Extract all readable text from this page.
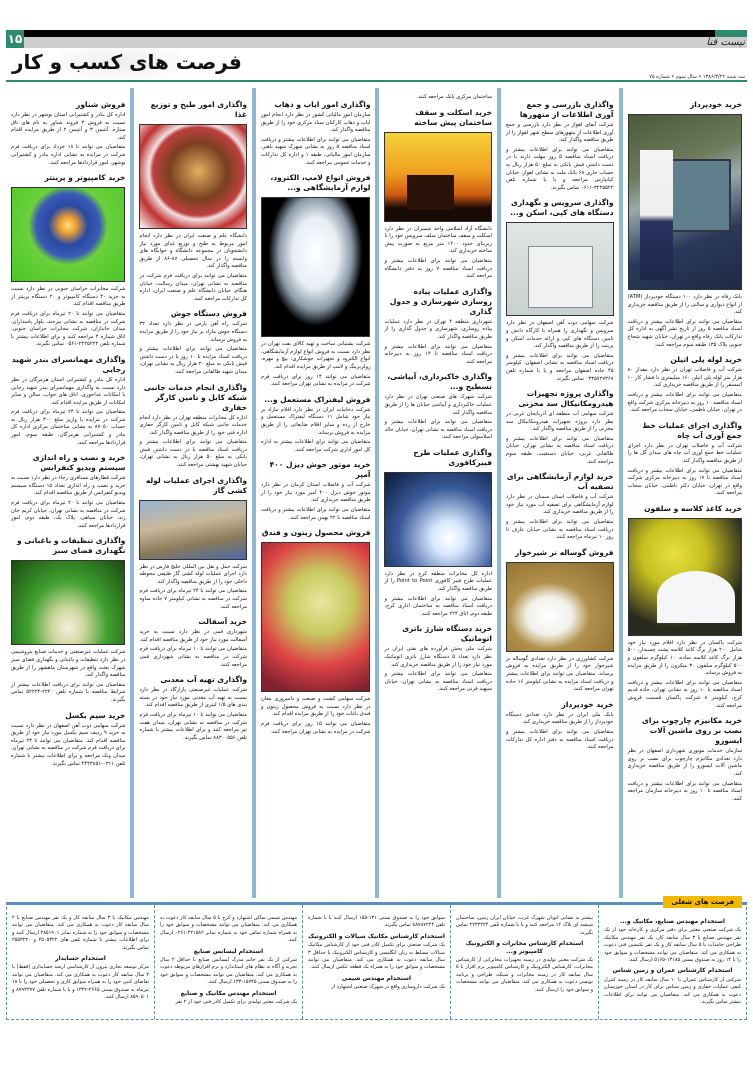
۱۵	نیست قنا
فرصت های کسب و کار
سه شنبه ۱۳۸۶/۳/۲۲ • سال سوم • شماره ۷۵
خرید خودپرداز

بانک رفاه در نظر دارد ۱۰۰ دستگاه خودپرداز (ATM) از انواع دیواری و سالنی را از طریق مناقصه خریداری کند.

متقاضیان می توانند برای اطلاعات بیشتر و دریافت اسناد مناقصه ۵ روز از تاریخ نشر آگهی به اداره کل تدارکات بانک رفاه واقع در تهران، خیابان شهید شجاع جنوبی پلاک ۱۳۵ طبقه سوم مراجعه کنند.

خرید لوله پلی اتیلن

شرکت آب و فاضلاب تهران در نظر دارد مقدار ۸۰ هزار متر لوله پلی اتیلن ۱۶۰ میلیمتری با فشار کار ۱۰ اتمسفر را از طریق مناقصه خریداری کند.

متقاضیان می توانند برای اطلاعات بیشتر و دریافت اسناد مناقصه ۱۰ روز به دبیرخانه مرکزی شرکت واقع در تهران، خیابان ناظمی، خیابان سحاب مراجعه کنند.

واگذاری اجرای عملیات خط جمع آوری آب چاه

شرکت آب و فاضلاب تهران در نظر دارد اجرای عملیات خط جمع آوری آب چاه های میدان گل ها را از طریق مناقصه واگذار کند.

متقاضیان می توانند برای اطلاعات بیشتر و دریافت اسناد مناقصه تا ۱۷ روز به دبیرخانه مرکزی شرکت واقع در تهران، خیابان دکتر ناظمی، خیابان سحاب مراجعه کنند.

خرید کاغذ کلاسه و سلفون

شرکت پاکسان در نظر دارد اقلام مورد نیاز خود شامل ۲۰۰ هزار برگ کاغذ کلاسه پشت چسبدار، ۵۰۰ هزار برگ کاغذ کلاسه ساده، ۱۰ کیلوگرم سلفون و ۵۰۰ کیلوگرم سلفون ۳۰ میکرون را از طریق مزایده به فروش برساند.

متقاضیان می توانند برای اطلاعات بیشتر و دریافت اسناد مناقصه تا ۱۰ روز به نشانی تهران، جاده قدیم کرج، کیلومتر ۸ شرکت پاکسان قسمت فروش مراجعه کنند.

خرید مکانیزم چارچوب برای نصب بر روی ماشین آلات ایسوزو

سازمان خدمات موتوری شهرداری اصفهان در نظر دارد تعدادی مکانیزم چارچوب برای نصب بر روی ماشین آلات ایسوزو را از طریق مناقصه خریداری کند.

متقاضیان می توانند برای اطلاعات بیشتر و دریافت اسناد مناقصه تا ۱۰ روز به دبیرخانه سازمان مراجعه کنند.

واگذاری بازرسی و جمع آوری اطلاعات از متهورها

شرکت آبفای اهواز در نظر دارد بازرسی و جمع آوری اطلاعات از متهورهای سطح شهر اهواز را از طریق مناقصه واگذار کند.

متقاضیان می توانند برای اطلاعات بیشتر و دریافت اسناد مناقصه ۵ روز مهلت دارند با در دست داشتن فیش بانکی به مبلغ ۵۰ هزار ریال به حساب جاری ۶۸ بانک ملت به نشانی اهواز، خیابان کیانپارس مراجعه و یا با شماره تلفن ۳۲۲۵۵۲۲-۰۶۱۱ تماس بگیرند.

واگذاری سرویس و نگهداری دستگاه های کپی، اسکن و...

شرکت سهامی ذوب آهن اصفهان در نظر دارد سرویس و نگهداری را همراه با کارگاه دانش و تامین دستگاه های کپی و ارائه خدمات اسکن و پرینت را از طریق مناقصه واگذار کند.

متقاضیان می توانند برای اطلاعات بیشتر و دریافت اسناد مناقصه به نشانی اصفهان، کیلومتر ۴۵ جاده اصفهان مراجعه و یا با شماره تلفن ۰۳۳۵۷۲۷۳۶۷ تماس بگیرند.

واگذاری پروژه تجهیزات هیدرومکانیکال سد مخزنی

شرکت سهامی آب منطقه ای آذربایجان غربی در نظر دارد پروژه تجهیزات هیدرومکانیکال سد مخزنی را از طریق مناقصه واگذار کند.

متقاضیان می توانند برای اطلاعات بیشتر و دریافت اسناد مناقصه به نشانی تهران، خیابان طالقانی غربی، خیابان دستغیب، طبقه سوم مراجعه کنند.

خرید لوازم آزمایشگاهی برای تصفیه آب

شرکت آب و فاضلاب استان سمنان در نظر دارد لوازم آزمایشگاهی برای تصفیه آب مورد نیاز خود را از طریق مناقصه خریداری کند.

متقاضیان می توانند برای اطلاعات بیشتر و دریافت اسناد مناقصه به نشانی خیابان عارف تا روز ۱۰ تیرماه مراجعه کنند.

فروش گوساله نر شیرخوار

شرکت کشاورزی در نظر دارد تعدادی گوساله نر شیرخوار خود را از طریق مزایده به فروش برساند. متقاضیان می توانند برای اطلاعات بیشتر و دریافت اسناد مزایده به نشانی کیلومتر ۱۶ جاده تهران مراجعه کنند.

خرید خودپرداز

بانک ملی ایران در نظر دارد تعدادی دستگاه خودپرداز را از طریق مناقصه خریداری کند.

متقاضیان می توانند برای اطلاعات بیشتر و دریافت اسناد مناقصه به دفتر اداره کل تدارکات مراجعه کنند.

ساختمان مرکزی بانک مراجعه کنند.

خرید اسکلت و سقف ساختمان پیش ساخته

دانشگاه آزاد اسلامی واحد شمیران در نظر دارد اسکلت و سقف ساختمان سلف سرویس خود را با زیربنای حدود ۱۲۰۰ متر مربع به صورت پیش ساخته خریداری کند.

متقاضیان می توانند برای اطلاعات بیشتر و دریافت اسناد مناقصه ۷ روز به دفتر دانشگاه مراجعه کنند.

واگذاری عملیات پیاده روسازی شهرسازی و جدول گذاری

شهرداری منطقه ۴ تهران در نظر دارد عملیات پیاده روسازی، شهرسازی و جدول گذاری را از طریق مناقصه واگذار کند.

متقاضیان می توانند برای اطلاعات بیشتر و دریافت اسناد مناقصه تا ۱۴ روز به دبیرخانه مراجعه کنند.

واگذاری خاکبرداری، آبپاشی، تسطیح و...

شرکت شهرک های صنعتی تهران در نظر دارد عملیات خاکبرداری و آبپاشی خیابان ها را از طریق مناقصه واگذار کند.

متقاضیان می توانند برای اطلاعات بیشتر و دریافت اسناد مناقصه به نشانی تهران، خیابان خالد اسلامبولی مراجعه کنند.

واگذاری عملیات طرح فیبرکافوری

اداره کل مخابرات منطقه کرج در نظر دارد عملیات طرح فیبر کافوری Point to Point را از طریق مناقصه واگذار کند.

متقاضیان می توانند برای اطلاعات بیشتر و دریافت اسناد مناقصه به ساختمان اداری کرج، طبقه دوم، اتاق ۲۲۴ مراجعه کنند.

خرید دستگاه شارژ باتری اتوماتیک

شرکت ملی پخش فرآورده های نفتی ایران در نظر دارد تعداد ۵ دستگاه شارژ باتری اتوماتیک مورد نیاز خود را از طریق مناقصه خریداری کند.

متقاضیان می توانند برای اطلاعات بیشتر و دریافت اسناد مناقصه به نشانی تهران، خیابان سپهبد قرنی مراجعه کنند.

واگذاری امور ایاب و ذهاب

سازمان امور مالیاتی کشور در نظر دارد انجام امور ایاب و ذهاب کارکنان ستاد مرکزی خود را از طریق مناقصه واگذار کند.

متقاضیان می توانند برای اطلاعات بیشتر و دریافت اسناد مناقصه ۵ روز به نشانی شهرک شهید باهنر، سازمان امور مالیاتی، طبقه ۱ و اداره کل تدارکات و خدمات عمومی مراجعه کنند.

فروش انواع لامپ، الکترود، لوازم آزمایشگاهی و...

شرکت بشتیانی ساخت و تهیه کالای نفت تهران در نظر دارد نسبت به فروش انواع لوازم آزمایشگاهی، انواع الکترود و تجهیزات جوشکاری، پیچ و مهره، رولربرینگ و لامپ از طریق مزایده اقدام کند.

متقاضیان می توانند ۱۴ روز برای دریافت فرم شرکت در مزایده به نشانی تهران مراجعه کنند.

فروش لیفتراک مستعمل و...

شرکت دخانیات ایران در نظر دارد اقلام مازاد بر نیاز خود شامل ۱۱ دستگاه لیفتراک مستعمل و خارج از رده و سایر اقلام ضایعاتی را از طریق مزایده به فروش برساند.

متقاضیان می توانند برای اطلاعات بیشتر به اداره کل امور اداری شرکت مراجعه کنند.

خرید موتور جوش دیزل ۴۰۰ آمپر

شرکت آب و فاضلاب استان کرمان در نظر دارد موتور جوش دیزل ۴۰۰ آمپر مورد نیاز خود را از طریق مناقصه خریداری کند.

متقاضیان می توانند برای اطلاعات بیشتر و دریافت اسناد مناقصه تا ۲۲ بهمن مراجعه کنند.

فروش محصول زیتون و فندق

شرکت سهامی کشت و صنعت و دامپروری مغان در نظر دارد نسبت به فروش محصول زیتون و فندق باغات خود را از طریق مزایده اقدام کند.

متقاضیان می توانند ۱۵ روز برای دریافت فرم شرکت در مزایده به نشانی تهران مراجعه کنند.

واگذاری امور طبخ و توزیع غذا

دانشگاه علم و صنعت ایران در نظر دارد انجام امور مربوط به طبخ و توزیع غذای مورد نیاز دانشجویان در مجموعه دانشگاه و خوابگاه های وابسته را در سال تحصیلی ۸۷-۸۶ از طریق مناقصه واگذار کند.

متقاضیان می توانند برای دریافت فرم شرکت در مناقصه به نشانی تهران، میدان رسالت، خیابان هنگام، خیابان دانشگاه علم و صنعت ایران، اداره کل تدارکات مراجعه کنند.

فروش دستگاه جوش

شرکت راه آهن پارس در نظر دارد تعداد ۳۲ دستگاه جوش مازاد بر نیاز خود را از طریق مزایده به فروش برساند.

متقاضیان می توانند برای اطلاعات بیشتر و دریافت اسناد مزایده تا ۱۰ روز با در دست داشتن فیش بانکی به مبلغ ۲۰ هزار ریال به نشانی تهران، میدان شهید طالقانی مراجعه کنند.

واگذاری انجام خدمات جانبی شبکه کابل و تامین کارگر حفاری

اداره کل مخابرات منطقه تهران در نظر دارد انجام خدمات جانبی شبکه کابل و تامین کارگر حفاری اداره فنی خود را از طریق مناقصه واگذار کند.

متقاضیان می توانند برای اطلاعات بیشتر و دریافت اسناد مناقصه با در دست داشتن فیش بانکی به مبلغ ۵۰ هزار ریال به نشانی تهران، خیابان شهید بهشتی مراجعه کنند.

واگذاری اجرای عملیات لوله کشی گاز

شرکت حمل و نقل بین المللی خلیج فارس در نظر دارد اجرای عملیات لوله کشی گاز طبیعی محوطه داخلی خود را از طریق مناقصه واگذار کند.

متقاضیان می توانند تا ۲۴ تیرماه برای دریافت فرم شرکت در مناقصه به نشانی کیلومتر ۷ جاده ساوه مراجعه کنند.

خرید آسفالت

شهرداری قمی در نظر دارد نسبت به خرید آسفالت مورد نیاز خود از طریق مناقصه اقدام کند.

متقاضیان می توانند تا ۱۰ تیرماه برای دریافت فرم شرکت در مناقصه به نشانی شهرداری قمی مراجعه کنند.

واگذاری تهیه آب معدنی

شرکت عملیات غیرصنعتی پازارگاد در نظر دارد نسبت به تهیه آب معدنی مورد نیاز خود در بسته بندی های ۱/۵ لیتری از طریق مناقصه اقدام کند.

متقاضیان می توانند تا ۱۰ تیرماه برای دریافت فرم شرکت در مناقصه به نشانی تهران، میدان هفت تیر مراجعه کنند و برای اطلاعات بیشتر با شماره تلفن ۸۸۳۰۰۵۵۶ تماس بگیرند.

فروش شناور

اداره کل بنادر و کشتیرانی استان بوشهر در نظر دارد نسبت به فروش ۳ فروند شناور به نام های تاق ستاره، آنتیمن ۳ و آنتیمن ۲ از طریق مزایده اقدام کند.

متقاضیان می توانند تا ۱۸ خرداد برای دریافت فرم شرکت در مزایده به نشانی اداره بنادر و کشتیرانی بوشهر، امور قراردادها مراجعه کنند.

خرید کامپیوتر و پرینتر

شرکت مخابرات خراسان جنوبی در نظر دارد نسبت به خرید ۴۰ دستگاه کامپیوتر و ۲۰ دستگاه پرینتر از طریق مناقصه اقدام کند.

متقاضیان می توانند تا ۲۰ تیرماه برای دریافت فرم شرکت در مناقصه به نشانی بیرجند، بلوار پاسداران، میدان جانبازان، شرکت مخابرات خراسان جنوبی، اتاق شماره ۴ مراجعه کنند و برای اطلاعات بیشتر با شماره تلفن ۲۲۲۵۲۲۲-۰۵۶۱ تماس بگیرند.

واگذاری مهمانسرای بندر شهید رجایی

اداره کل بنادر و کشتیرانی استان هرمزگان در نظر دارد نسبت به واگذاری مهمانسرای بندر شهید رجایی با امکانات غذاخوری، اتاق های خواب، سالن و سایر امکانات از طریق مزایده اقدام کند.

متقاضیان می توانند تا ۲۴ تیرماه برای دریافت فرم شرکت در مزایده با واریز مبلغ ۳۰۰ هزار ریال به حساب ۸۷۰۵۰ به نشانی ساختمان مرکزی اداره کل بنادر و کشتیرانی هرمزگان، طبقه سوم، امور قراردادها مراجعه کنند.

خرید و نصب و راه اندازی سیستم ویدیو کنفرانس

شرکت قطارهای مسافری رجاء در نظر دارد نسبت به خرید و نصب و راه اندازی تعداد ۱۵ دستگاه سیستم ویدیو کنفرانس از طریق مناقصه اقدام کند.

متقاضیان می توانند تا ۲۰ تیرماه برای دریافت فرم شرکت در مناقصه به نشانی تهران، خیابان کریم خان زند، خیابان سپاهی، پلاک یک، طبقه دوم، امور قراردادها مراجعه کنند.

واگذاری تنظیفات و باغبانی و نگهداری فضای سبز

شرکت عملیات غیرصنعتی و خدمات صنایع پتروشیمی در نظر دارد تنظیفات و باغبانی و نگهداری فضای سبز شهرک بعثت واقع در شهرستان ماهشهر را از طریق مناقصه واگذار کند.

متقاضیان می توانند برای دریافت اطلاعات بیشتر از شرایط مناقصه با شماره تلفن ۲۲۲۰-۵۲۲۲۴ تماس بگیرند.

خرید سیم بکسل

شرکت سهامی ذوب آهن اصفهان در نظر دارد نسبت به خرید ۹ ردیف سیم بکسل مورد نیاز خود از طریق مناقصه اقدام کند. متقاضیان می توانند تا ۲۳ تیرماه برای دریافت فرم شرکت در مناقصه به نشانی تهران، میدان ونک مراجعه و برای اطلاعات بیشتر با شماره تلفن ۰۳۱۱-۴۴۴۳۸۵۱ تماس بگیرند.

فرصت های شغلی
استخدام مهندس صنایع، مکانیک و...

یک شرکت صنعتی معتبر برای دفتر مرکزی و کارخانه خود از یک نفر مهندس صنایع با ۳ سال سابقه کار، یک نفر مهندس مکانیک طراحی جامدات با ۵ سال سابقه کار و یک نفر تکنسین فنی دعوت به همکاری می کند. متقاضیان می توانند مشخصات و سوابق خود را تا ۱۴ روز به صندوق پستی ۱۳۱۸۵-۵۱۶۵ ارسال کنند.

استخدام کارشناس عمران و زمین شناس

شرکتی از کارشناس عمران با ۱۰ سال سابقه کار در زمینه کنترل کیفی عملیات حفاری و زمین شناس برای کار در استان خوزستان دعوت به همکاری می کند. متقاضیان می توانند برای اطلاعات بیشتر تماس بگیرند.

بیشتر به نشانی اتوبان شهرک غرب، خیابان ایران زمین، ساختمان شیشه ای پلاک ۱۲ مراجعه کنند و یا با شماره تلفن ۲۲۳۲۲۲۴ تماس بگیرند.

استخدام کارشناس مخابرات و الکترونیک کامپیوتر و...

یک شرکت معتبر تولیدی در زمینه تجهیزات مخابراتی از کارشناس مخابرات، کارشناس الکترونیک و کارشناس کامپیوتر نرم افزار با ۵ سال سابقه کار در زمینه مخابرات و شبکه، طراحی و برنامه نویسی دعوت به همکاری می کند. متقاضیان می توانند مشخصات و سوابق خود را ارسال کنند.

سوابق خود را به صندوق پستی ۱۳۱-۱۵۵ ارسال کنند یا با شماره تلفن ۸۸۷۸۷۲۲۴ تماس بگیرند.

استخدام کارشناس مکانیک سیالات و الکترونیک

یک شرکت صنعتی برای تکمیل کادر فنی خود از کارشناس مکانیک سیالات مسلط به زبان انگلیسی و کارشناس الکترونیک با حداقل ۳ سال سابقه دعوت به همکاری می کند. متقاضیان می توانند مشخصات و سوابق خود را به همراه یک قطعه عکس ارسال کنند.

استخدام مهندس شیمی

یک شرکت داروسازی واقع در شهرک صنعتی اشتهارد از

مهندس شیمی ساکن اشتهارد و کرج با ۵ سال سابقه کار دعوت به همکاری می کند. متقاضیان می توانند مشخصات و سوابق خود را به همراه شماره تماس خود به شماره نمابر ۴۲۱۵۸۲-۰۲۶۱ ارسال کنند.

استخدام لیسانس صنایع

شرکتی از یک نفر خانم مدرک لیسانس صنایع با حداقل ۲ سال تجربه و آگاه به نظام های استاندارد و نرم افزارهای مربوطه دعوت به همکاری می کند. متقاضیان می توانند مشخصات و سوابق خود را به صندوق پستی ۱۵۷۴۵-۱۳۳ ارسال کنند.

استخدام مهندس مکانیک و صنایع

یک شرکت معتبر تولیدی برای تکمیل کادر فنی خود از ۲ نفر

مهندس مکانیک با ۳ سال سابقه کار و یک نفر مهندس صنایع با ۲ سال سابقه کار دعوت به همکاری می کند. متقاضیان می توانند مشخصات و سوابق خود را به شماره نمابر ۲۸۵۱۹۰۱ ارسال کنند و برای اطلاعات بیشتر با شماره تلفن های ۲۵۰۵۳۲۲ و ۲۵۵۳۲۲۰ تماس بگیرند.

استخدام حسابدار

مرکز توسعه تجاری بیرون از کارشناسی ارشد حسابداری (فقط) با ۲ سال سابقه کار دعوت به همکاری می کند. متقاضیان می توانند تقاضای کتبی خود را به همراه سوابق کاری و تحصیلی خود را تا ۱۸ تیرماه به صندوق پستی ۲۶۶۵-۱۳۲۲ و یا با شماره تلفن ۸۷۹۴۳۷۷ و ۸۵۹۰۵۰۱ ارسال کنند.
